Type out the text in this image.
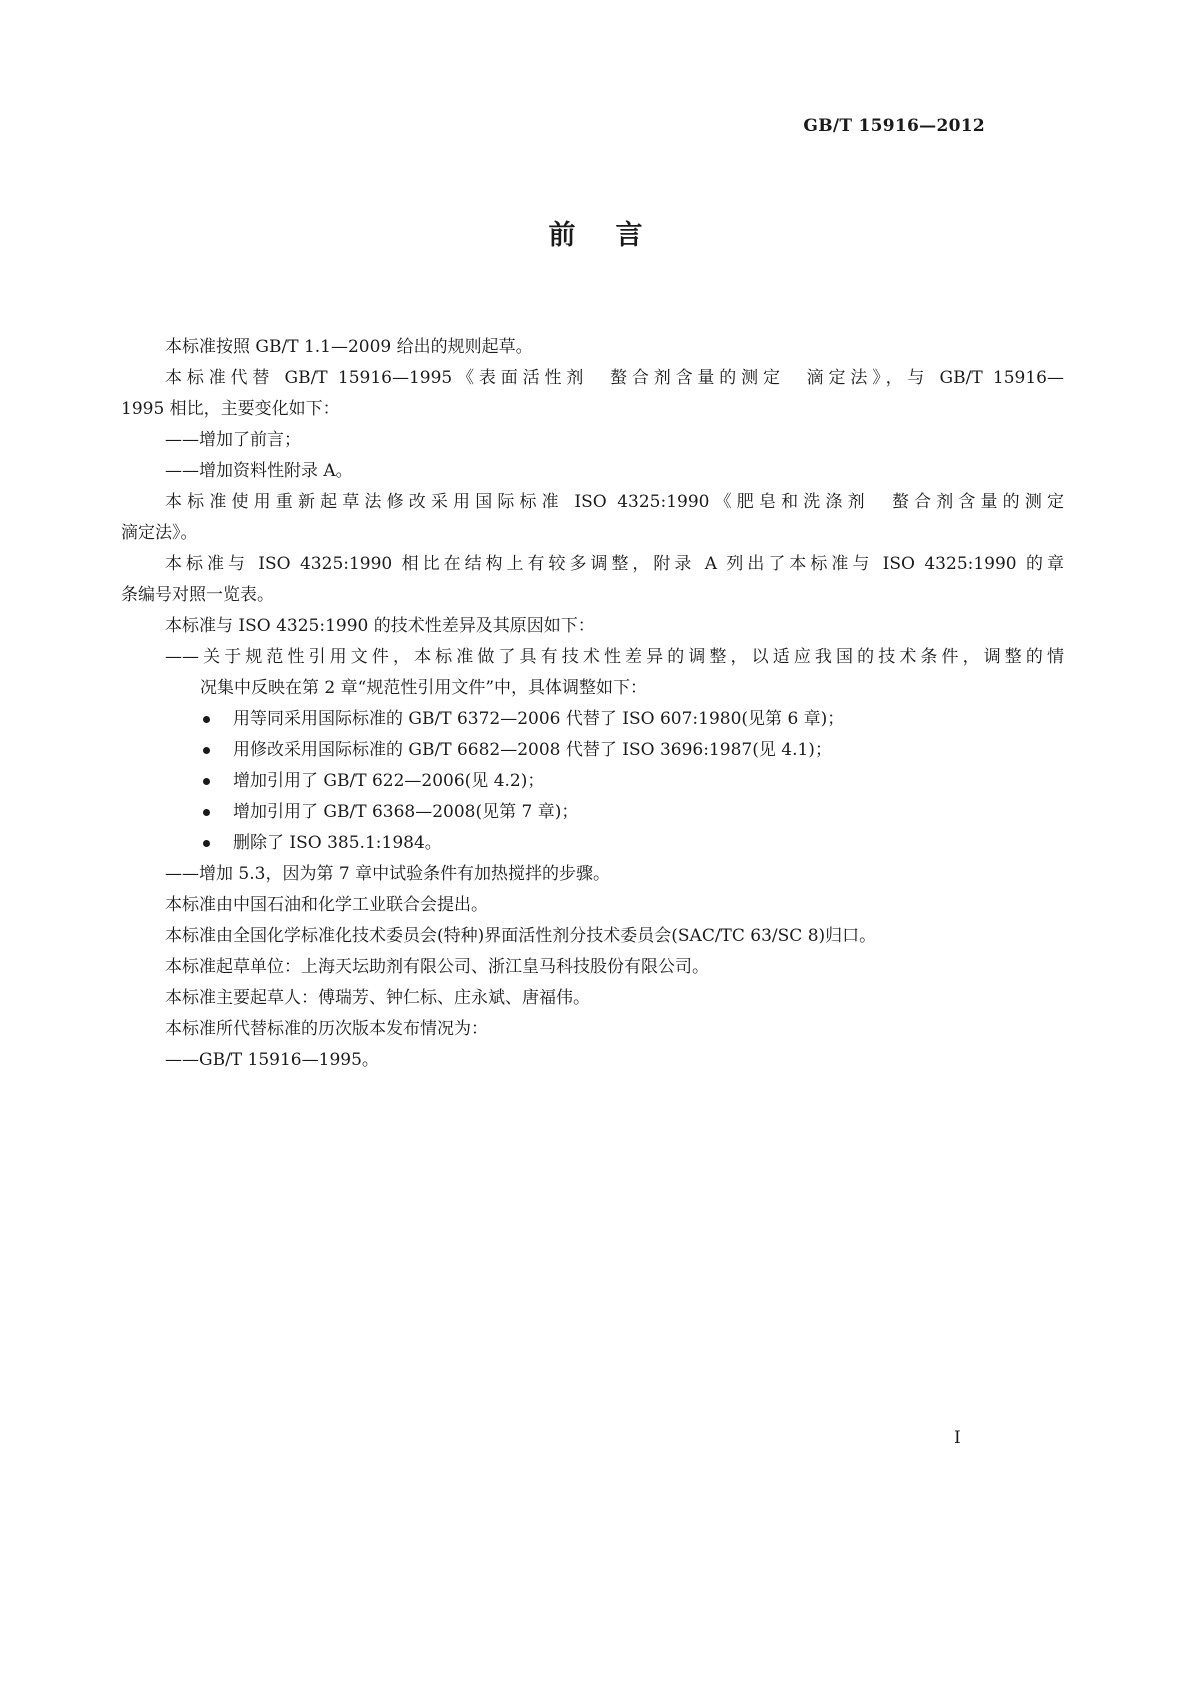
GB/T 15916—2012
前言
本标准按照 GB/T 1.1—2009 给出的规则起草。
本标准代替 GB/T 15916—1995《表面活性剂　螯合剂含量的测定　滴定法》，与 GB/T 15916—
1995 相比，主要变化如下：
——增加了前言；
——增加资料性附录 A。
本标准使用重新起草法修改采用国际标准 ISO 4325:1990《肥皂和洗涤剂　螯合剂含量的测定
滴定法》。
本标准与 ISO 4325:1990 相比在结构上有较多调整，附录 A 列出了本标准与 ISO 4325:1990 的章
条编号对照一览表。
本标准与 ISO 4325:1990 的技术性差异及其原因如下：
——关于规范性引用文件，本标准做了具有技术性差异的调整，以适应我国的技术条件，调整的情
况集中反映在第 2 章“规范性引用文件”中，具体调整如下：
用等同采用国际标准的 GB/T 6372—2006 代替了 ISO 607:1980(见第 6 章)；
用修改采用国际标准的 GB/T 6682—2008 代替了 ISO 3696:1987(见 4.1)；
增加引用了 GB/T 622—2006(见 4.2)；
增加引用了 GB/T 6368—2008(见第 7 章)；
删除了 ISO 385.1:1984。
——增加 5.3，因为第 7 章中试验条件有加热搅拌的步骤。
本标准由中国石油和化学工业联合会提出。
本标准由全国化学标准化技术委员会(特种)界面活性剂分技术委员会(SAC/TC 63/SC 8)归口。
本标准起草单位：上海天坛助剂有限公司、浙江皇马科技股份有限公司。
本标准主要起草人：傅瑞芳、钟仁标、庄永斌、唐福伟。
本标准所代替标准的历次版本发布情况为：
——GB/T 15916—1995。
I
